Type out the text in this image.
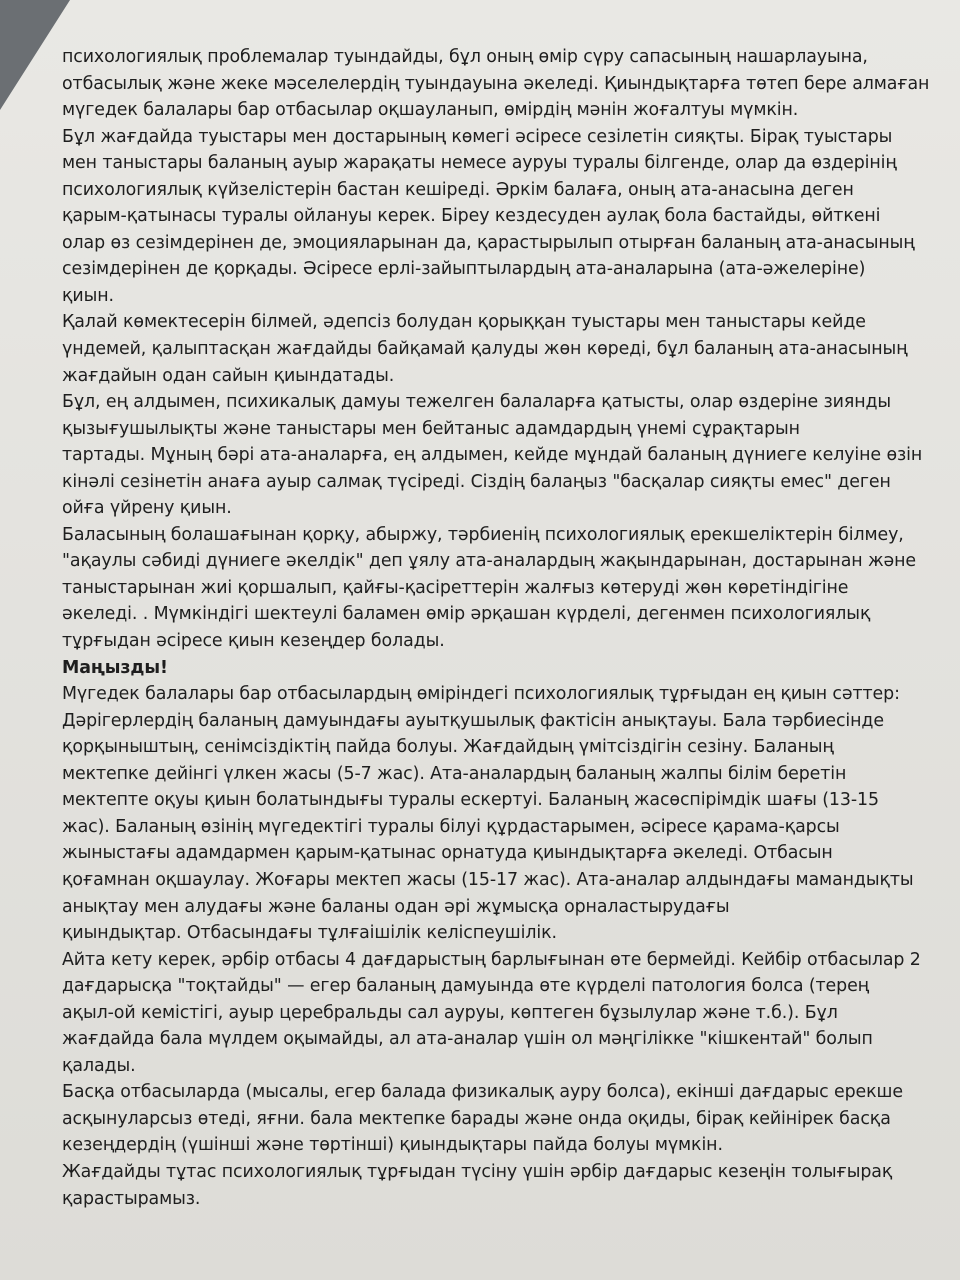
психологиялық проблемалар туындайды, бұл оның өмір сүру сапасының нашарлауына,
отбасылық және жеке мәселелердің туындауына әкеледі. Қиындықтарға төтеп бере алмаған
мүгедек балалары бар отбасылар оқшауланып, өмірдің мәнін жоғалтуы мүмкін.
Бұл жағдайда туыстары мен достарының көмегі әсіресе сезілетін сияқты. Бірақ туыстары
мен таныстары баланың ауыр жарақаты немесе ауруы туралы білгенде, олар да өздерінің
психологиялық күйзелістерін бастан кешіреді. Әркім балаға, оның ата-анасына деген
қарым-қатынасы туралы ойлануы керек. Біреу кездесуден аулақ бола бастайды, өйткені
олар өз сезімдерінен де, эмоцияларынан да, қарастырылып отырған баланың ата-анасының
сезімдерінен де қорқады. Әсіресе ерлі-зайыптылардың ата-аналарына (ата-әжелеріне)
қиын.
Қалай көмектесерін білмей, әдепсіз болудан қорыққан туыстары мен таныстары кейде
үндемей, қалыптасқан жағдайды байқамай қалуды жөн көреді, бұл баланың ата-анасының
жағдайын одан сайын қиындатады.
Бұл, ең алдымен, психикалық дамуы тежелген балаларға қатысты, олар өздеріне зиянды
қызығушылықты және таныстары мен бейтаныс адамдардың үнемі сұрақтарын
тартады. Мұның бәрі ата-аналарға, ең алдымен, кейде мұндай баланың дүниеге келуіне өзін
кінәлі сезінетін анаға ауыр салмақ түсіреді. Сіздің балаңыз "басқалар сияқты емес" деген
ойға үйрену қиын.
Баласының болашағынан қорқу, абыржу, тәрбиенің психологиялық ерекшеліктерін білмеу,
"ақаулы сәбиді дүниеге әкелдік" деп ұялу ата-аналардың жақындарынан, достарынан және
таныстарынан жиі қоршалып, қайғы-қасіреттерін жалғыз көтеруді жөн көретіндігіне
әкеледі. . Мүмкіндігі шектеулі баламен өмір әрқашан күрделі, дегенмен психологиялық
тұрғыдан әсіресе қиын кезеңдер болады.
Маңызды!
Мүгедек балалары бар отбасылардың өміріндегі психологиялық тұрғыдан ең қиын сәттер:
Дәрігерлердің баланың дамуындағы ауытқушылық фактісін анықтауы. Бала тәрбиесінде
қорқыныштың, сенімсіздіктің пайда болуы. Жағдайдың үмітсіздігін сезіну. Баланың
мектепке дейінгі үлкен жасы (5-7 жас). Ата-аналардың баланың жалпы білім беретін
мектепте оқуы қиын болатындығы туралы ескертуі. Баланың жасөспірімдік шағы (13-15
жас). Баланың өзінің мүгедектігі туралы білуі құрдастарымен, әсіресе қарама-қарсы
жыныстағы адамдармен қарым-қатынас орнатуда қиындықтарға әкеледі. Отбасын
қоғамнан оқшаулау. Жоғары мектеп жасы (15-17 жас). Ата-аналар алдындағы мамандықты
анықтау мен алудағы және баланы одан әрі жұмысқа орналастырудағы
қиындықтар. Отбасындағы тұлғаішілік келіспеушілік.
Айта кету керек, әрбір отбасы 4 дағдарыстың барлығынан өте бермейді. Кейбір отбасылар 2
дағдарысқа "тоқтайды" — егер баланың дамуында өте күрделі патология болса (терең
ақыл-ой кемістігі, ауыр церебральды сал ауруы, көптеген бұзылулар және т.б.). Бұл
жағдайда бала мүлдем оқымайды, ал ата-аналар үшін ол мәңгілікке "кішкентай" болып
қалады.
Басқа отбасыларда (мысалы, егер балада физикалық ауру болса), екінші дағдарыс ерекше
асқынуларсыз өтеді, яғни. бала мектепке барады және онда оқиды, бірақ кейінірек басқа
кезеңдердің (үшінші және төртінші) қиындықтары пайда болуы мүмкін.
Жағдайды тұтас психологиялық тұрғыдан түсіну үшін әрбір дағдарыс кезеңін толығырақ
қарастырамыз.
